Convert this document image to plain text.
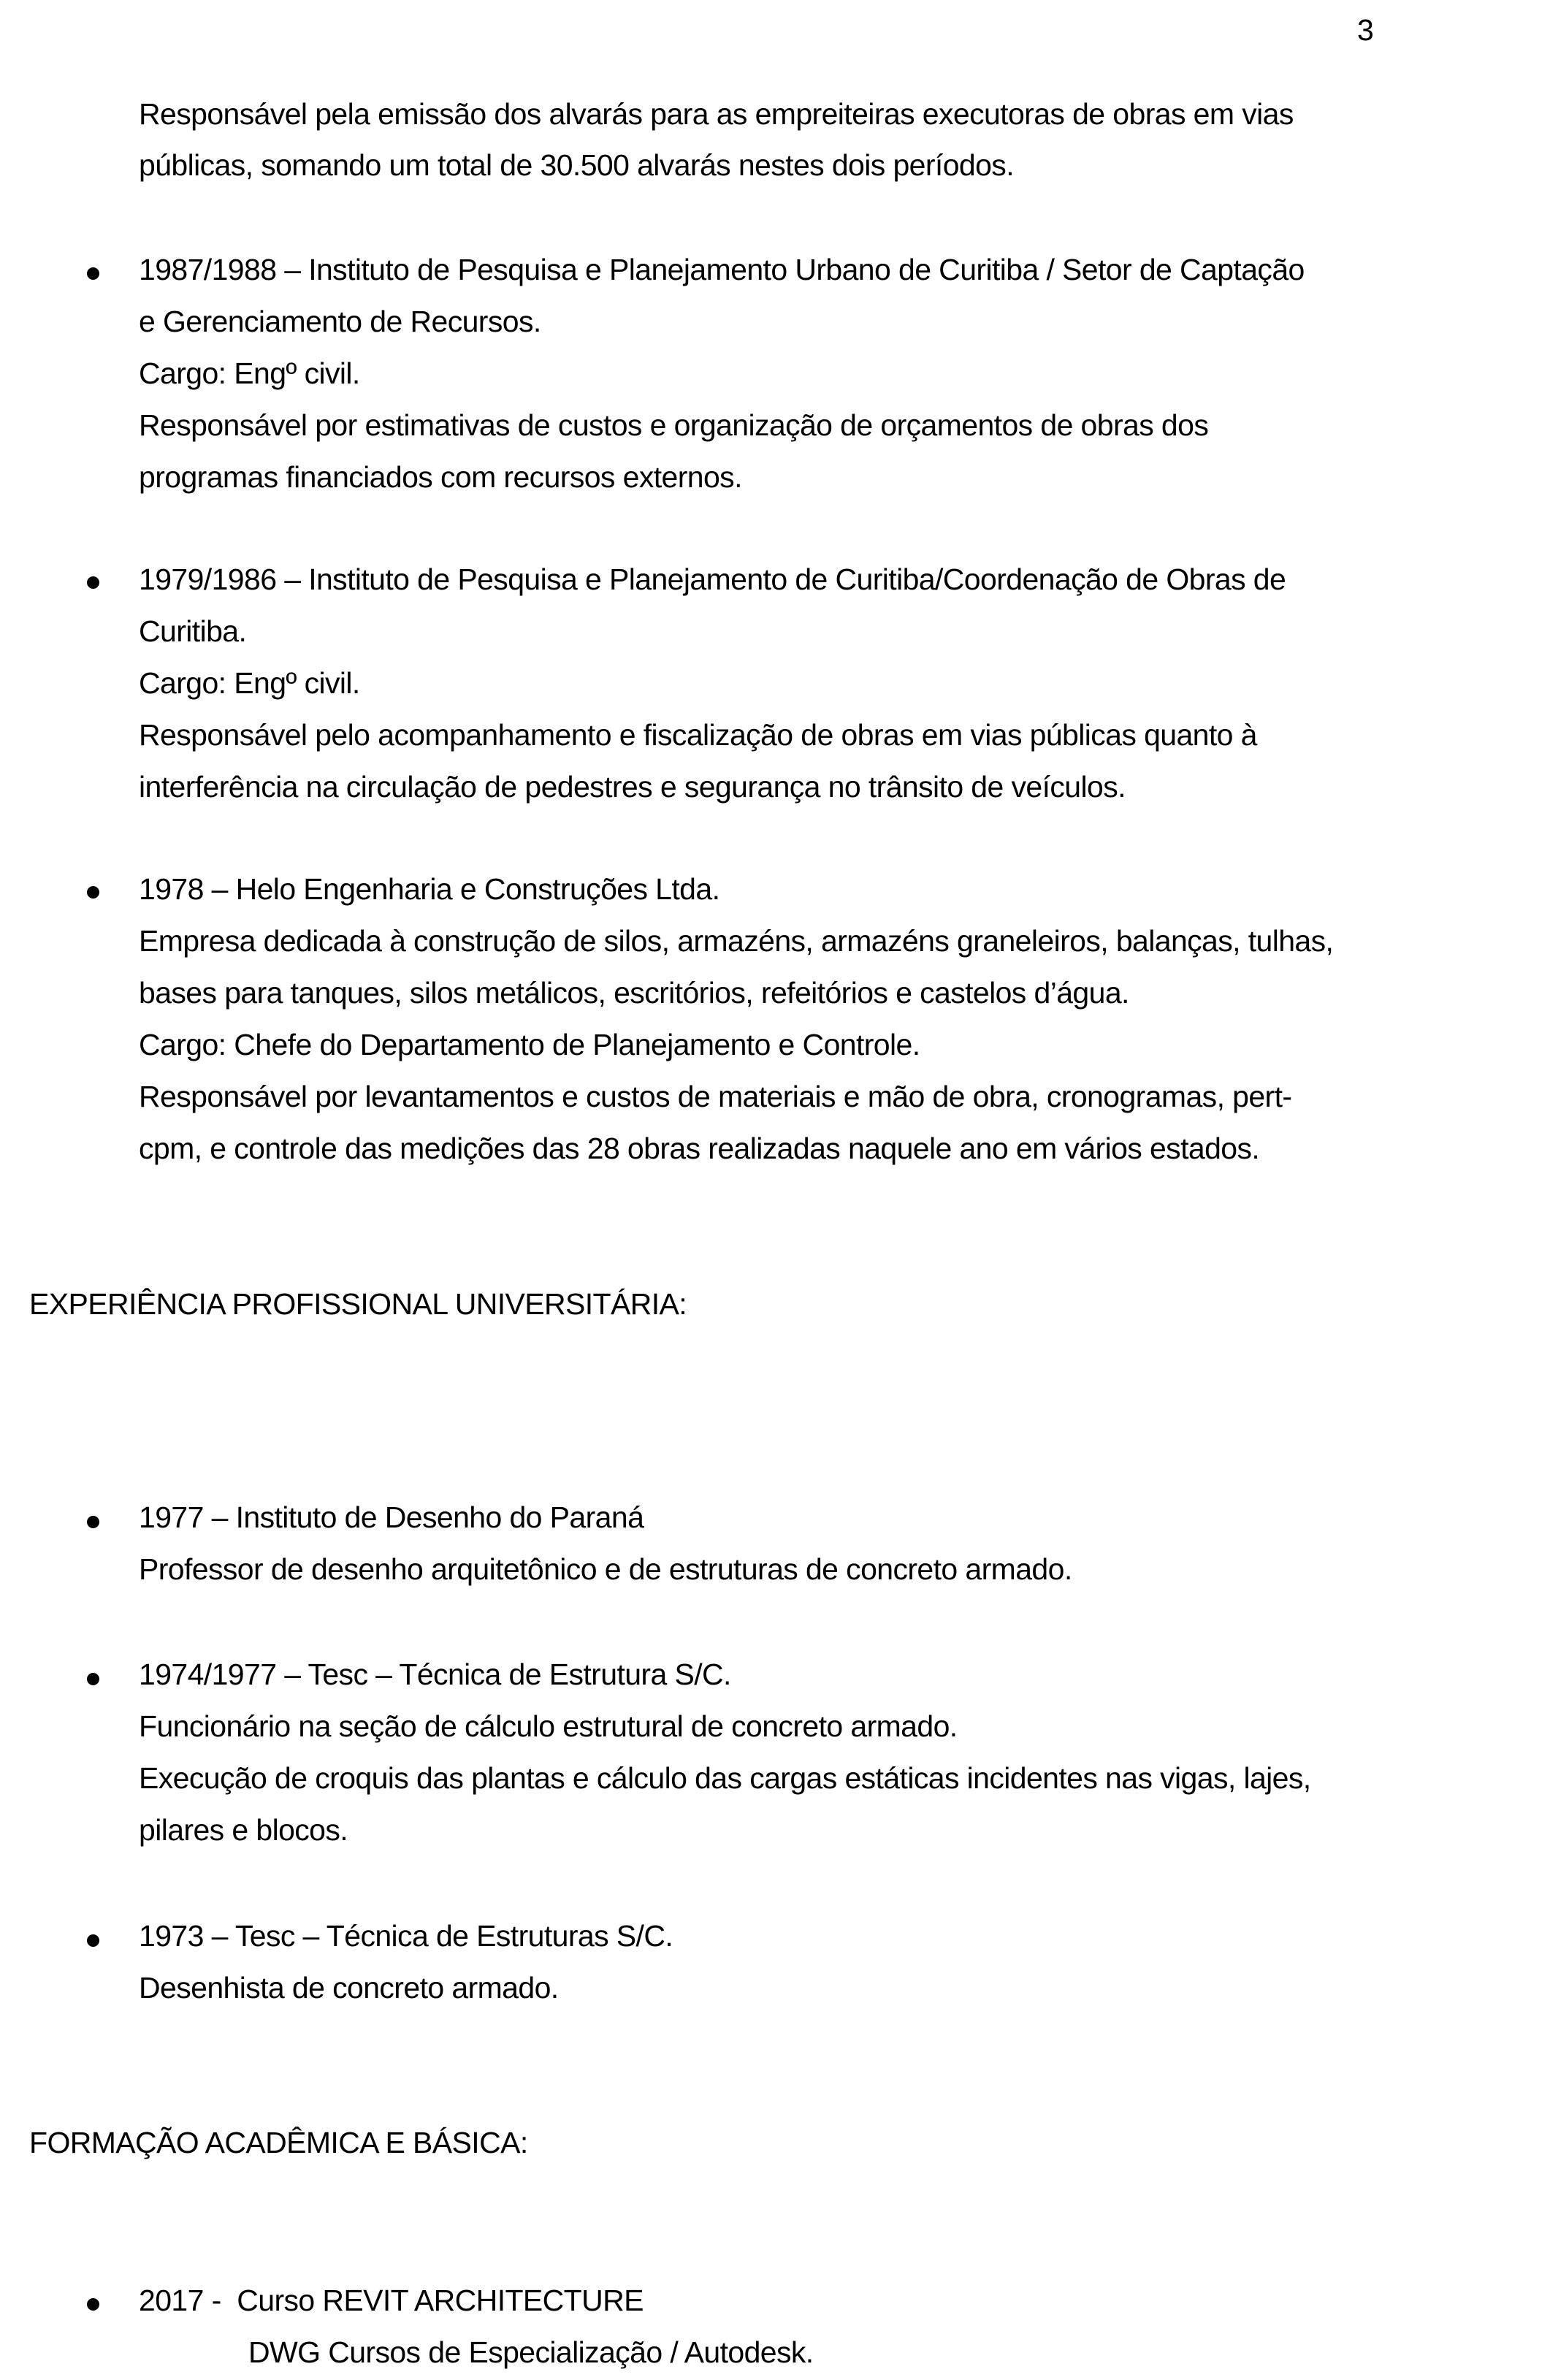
3
Responsável pela emissão dos alvarás para as empreiteiras executoras de obras em vias
públicas, somando um total de 30.500 alvarás nestes dois períodos.
1987/1988 – Instituto de Pesquisa e Planejamento Urbano de Curitiba / Setor de Captação
e Gerenciamento de Recursos.
Cargo: Engº civil.
Responsável por estimativas de custos e organização de orçamentos de obras dos
programas financiados com recursos externos.
1979/1986 – Instituto de Pesquisa e Planejamento de Curitiba/Coordenação de Obras de
Curitiba.
Cargo: Engº civil.
Responsável pelo acompanhamento e fiscalização de obras em vias públicas quanto à
interferência na circulação de pedestres e segurança no trânsito de veículos.
1978 – Helo Engenharia e Construções Ltda.
Empresa dedicada à construção de silos, armazéns, armazéns graneleiros, balanças, tulhas,
bases para tanques, silos metálicos, escritórios, refeitórios e castelos d’água.
Cargo: Chefe do Departamento de Planejamento e Controle.
Responsável por levantamentos e custos de materiais e mão de obra, cronogramas, pert-
cpm, e controle das medições das 28 obras realizadas naquele ano em vários estados.
EXPERIÊNCIA PROFISSIONAL UNIVERSITÁRIA:
1977 – Instituto de Desenho do Paraná
Professor de desenho arquitetônico e de estruturas de concreto armado.
1974/1977 – Tesc – Técnica de Estrutura S/C.
Funcionário na seção de cálculo estrutural de concreto armado.
Execução de croquis das plantas e cálculo das cargas estáticas incidentes nas vigas, lajes,
pilares e blocos.
1973 – Tesc – Técnica de Estruturas S/C.
Desenhista de concreto armado.
FORMAÇÃO ACADÊMICA E BÁSICA:
2017 -  Curso REVIT ARCHITECTURE
DWG Cursos de Especialização / Autodesk.
